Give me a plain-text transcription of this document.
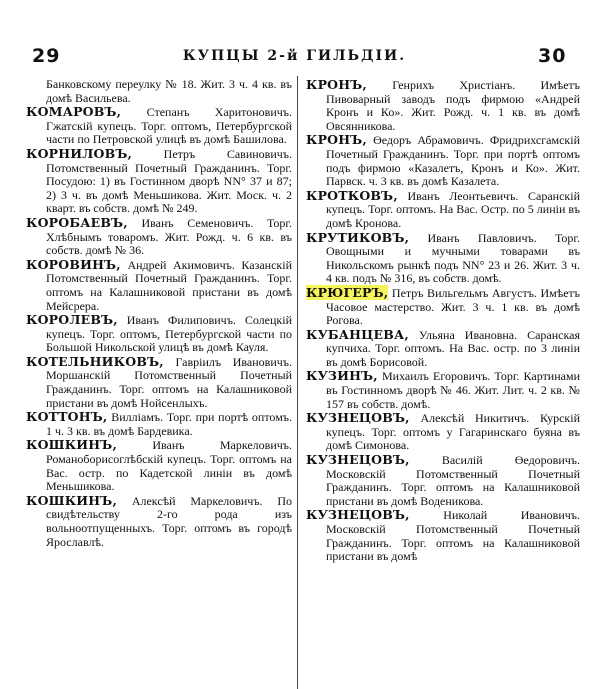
29	КУПЦЫ 2-й ГИЛЬДІИ.	30

Банковскому переулку № 18. Жит. 3 ч. 4 кв. въ домѣ Васильева.

КОМАРОВЪ, Степанъ Харитоновичъ. Гжатскій купецъ. Торг. оптомъ, Петербургской части по Петровской улицѣ въ домѣ Башилова.

КОРНИЛОВЪ,	Петръ Савиновичъ. Потомственный Почетный Гражданинъ. Торг. Посудою: 1) въ Гостинном дворѣ NN° 37 и 87; 2) 3 ч. въ домѣ Меньшикова. Жит. Моск. ч. 2 кварт. въ собств. домѣ № 249.

КОРОБАЕВЪ, Иванъ Семеновичъ. Торг. Хлѣбнымъ товаромъ. Жит. Рожд. ч. 6 кв. въ собств. домѣ № 36.

КОРОВИНЪ, Андрей Акимовичъ. Казанскій Потомственный Почетный Гражданинъ. Торг. оптомъ на Калашниковой пристани въ домѣ Мейсрера.

КОРОЛЕВЪ, Иванъ Филиповичъ. Солецкій купецъ. Торг. оптомъ, Петербургской части по Большой Никольской улицѣ въ домѣ Кауля.

КОТЕЛЬНИКОВЪ, Гавріилъ Ивановичъ. Моршанскій Потомственный Почетный Гражданинъ. Торг. оптомъ на Калашниковой пристани въ домѣ Нойсенлыхъ.

КОТТОНЪ, Вилліамъ. Торг. при портѣ оптомъ. 1 ч. 3 кв. въ домѣ Бардевика.

КОШКИНЪ,	Иванъ Маркеловичъ. Романоборисоглѣбскій купецъ. Торг. оптомъ на Вас. остр. по Кадетской линіи въ домѣ Меньшикова.

КОШКИНЪ, Алексѣй Маркеловичъ. По свидѣтельству 2-го рода изъ вольноотпущенныхъ. Торг. оптомъ въ городѣ Ярославлѣ.

КРОНЪ, Генрихъ Христіанъ. Имѣетъ Пивоварный заводъ подъ фирмою «Андрей Кронъ и Ко». Жит. Рожд. ч. 1 кв. въ домѣ Овсянникова.

КРОНЪ, Өедоръ Абрамовичъ. Фридрихсгамскій Почетный Гражданинъ. Торг. при портѣ оптомъ подъ фирмою «Казалетъ, Кронъ и Ко». Жит. Парвск. ч. 3 кв. въ домѣ Казалета.

КРОТКОВЪ, Иванъ Леонтьевичъ. Саранскій купецъ. Торг. оптомъ. На Вас. Остр. по 5 линіи въ домѣ Кронова.

КРУТИКОВЪ, Иванъ Павловичъ. Торг. Овощными и мучными товарами въ Никольскомъ рынкѣ подъ NN° 23 и 26. Жит. 3 ч. 4 кв. подъ № 316, въ собств. домѣ.

КРЮГЕРЪ, Петръ Вильгельмъ Августъ. Имѣетъ Часовое мастерство. Жит. 3 ч. 1 кв. въ домѣ Рогова.

КУБАНЦЕВА, Ульяна Ивановна. Саранская купчиха. Торг. оптомъ. На Вас. остр. по 3 линіи въ домѣ Борисовой.

КУЗИНЪ, Михаилъ Егоровичъ. Торг. Картинами въ Гостинномъ дворѣ № 46. Жит. Лит. ч. 2 кв. № 157 въ собств. домѣ.

КУЗНЕЦОВЪ, Алексѣй Никитичъ. Курскій купецъ. Торг. оптомъ у Гагаринскаго буяна въ домѣ Симонова.

КУЗНЕЦОВЪ,	Василій Өедоровичъ. Московскій Потомственный Почетный Гражданинъ. Торг. оптомъ на Калашниковой пристани въ домѣ Воденикова.

КУЗНЕЦОВЪ,	Николай Ивановичъ. Московскій Потомственный Почетный Гражданинъ. Торг. оптомъ на Калашниковой пристани въ домѣ
